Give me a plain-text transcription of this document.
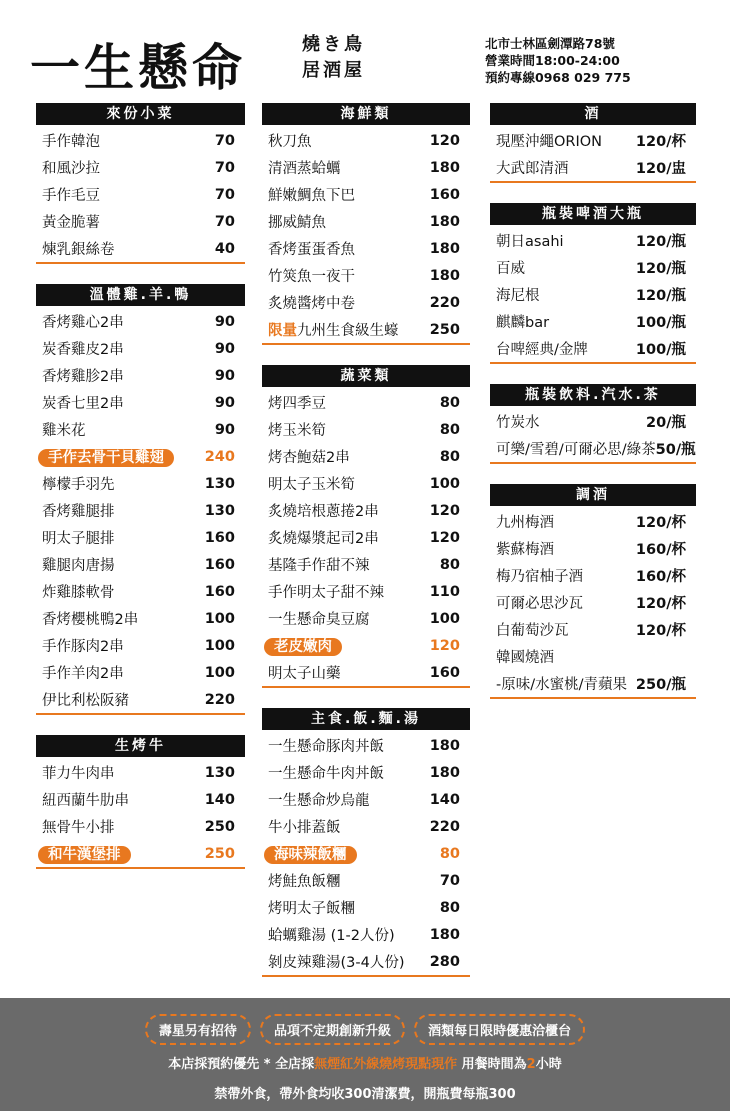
一生懸命	燒き鳥
居酒屋
北市士林區劍潭路78號
營業時間18:00-24:00
預約專線0968 029 775
來份小菜
手作韓泡	70
和風沙拉	70
手作毛豆	70
黃金脆薯	70
煉乳銀絲卷	40
溫體雞.羊.鴨
香烤雞心2串	90
炭香雞皮2串	90
香烤雞胗2串	90
炭香七里2串	90
雞米花	90
手作去骨干貝雞翅	240
檸檬手羽先	130
香烤雞腿排	130
明太子腿排	160
雞腿肉唐揚	160
炸雞膝軟骨	160
香烤櫻桃鴨2串	100
手作豚肉2串	100
手作羊肉2串	100
伊比利松阪豬	220
生烤牛
菲力牛肉串	130
紐西蘭牛肋串	140
無骨牛小排	250
和牛漢堡排	250
海鮮類
秋刀魚	120
清酒蒸蛤蠣	180
鮮嫩鯛魚下巴	160
挪威鯖魚	180
香烤蛋蛋香魚	180
竹筴魚一夜干	180
炙燒醬烤中卷	220
限量九州生食級生蠔 250
蔬菜類
烤四季豆	80
烤玉米筍	80
烤杏鮑菇2串	80
明太子玉米筍	100
炙燒培根蔥捲2串	120
炙燒爆漿起司2串	120
基隆手作甜不辣	80
手作明太子甜不辣	110
一生懸命臭豆腐	100
老皮嫩肉	120
明太子山藥	160
主食.飯.麵.湯
一生懸命豚肉丼飯	180
一生懸命牛肉丼飯	180
一生懸命炒烏龍	140
牛小排蓋飯	220
海味辣飯糰	80
烤鮭魚飯糰	70
烤明太子飯糰	80
蛤蠣雞湯 (1-2人份) 180
剝皮辣雞湯(3-4人份) 280
酒
現壓沖繩ORION 120/杯
大武郎清酒	120/盅
瓶裝啤酒大瓶
朝日asahi	120/瓶
百威	120/瓶
海尼根	120/瓶
麒麟bar	100/瓶
台啤經典/金牌	100/瓶
瓶裝飲料.汽水.茶
竹炭水	20/瓶
可樂/雪碧/可爾必思/綠茶 50/瓶
調酒
九州梅酒	120/杯
紫蘇梅酒	160/杯
梅乃宿柚子酒	160/杯
可爾必思沙瓦	120/杯
白葡萄沙瓦	120/杯
韓國燒酒
-原味/水蜜桃/青蘋果 250/瓶
壽星另有招待	品項不定期創新升級	酒類每日限時優惠洽櫃台
本店採預約優先 * 全店採無煙紅外線燒烤現點現作 用餐時間為2小時
禁帶外食，帶外食均收300清潔費，開瓶費每瓶300
